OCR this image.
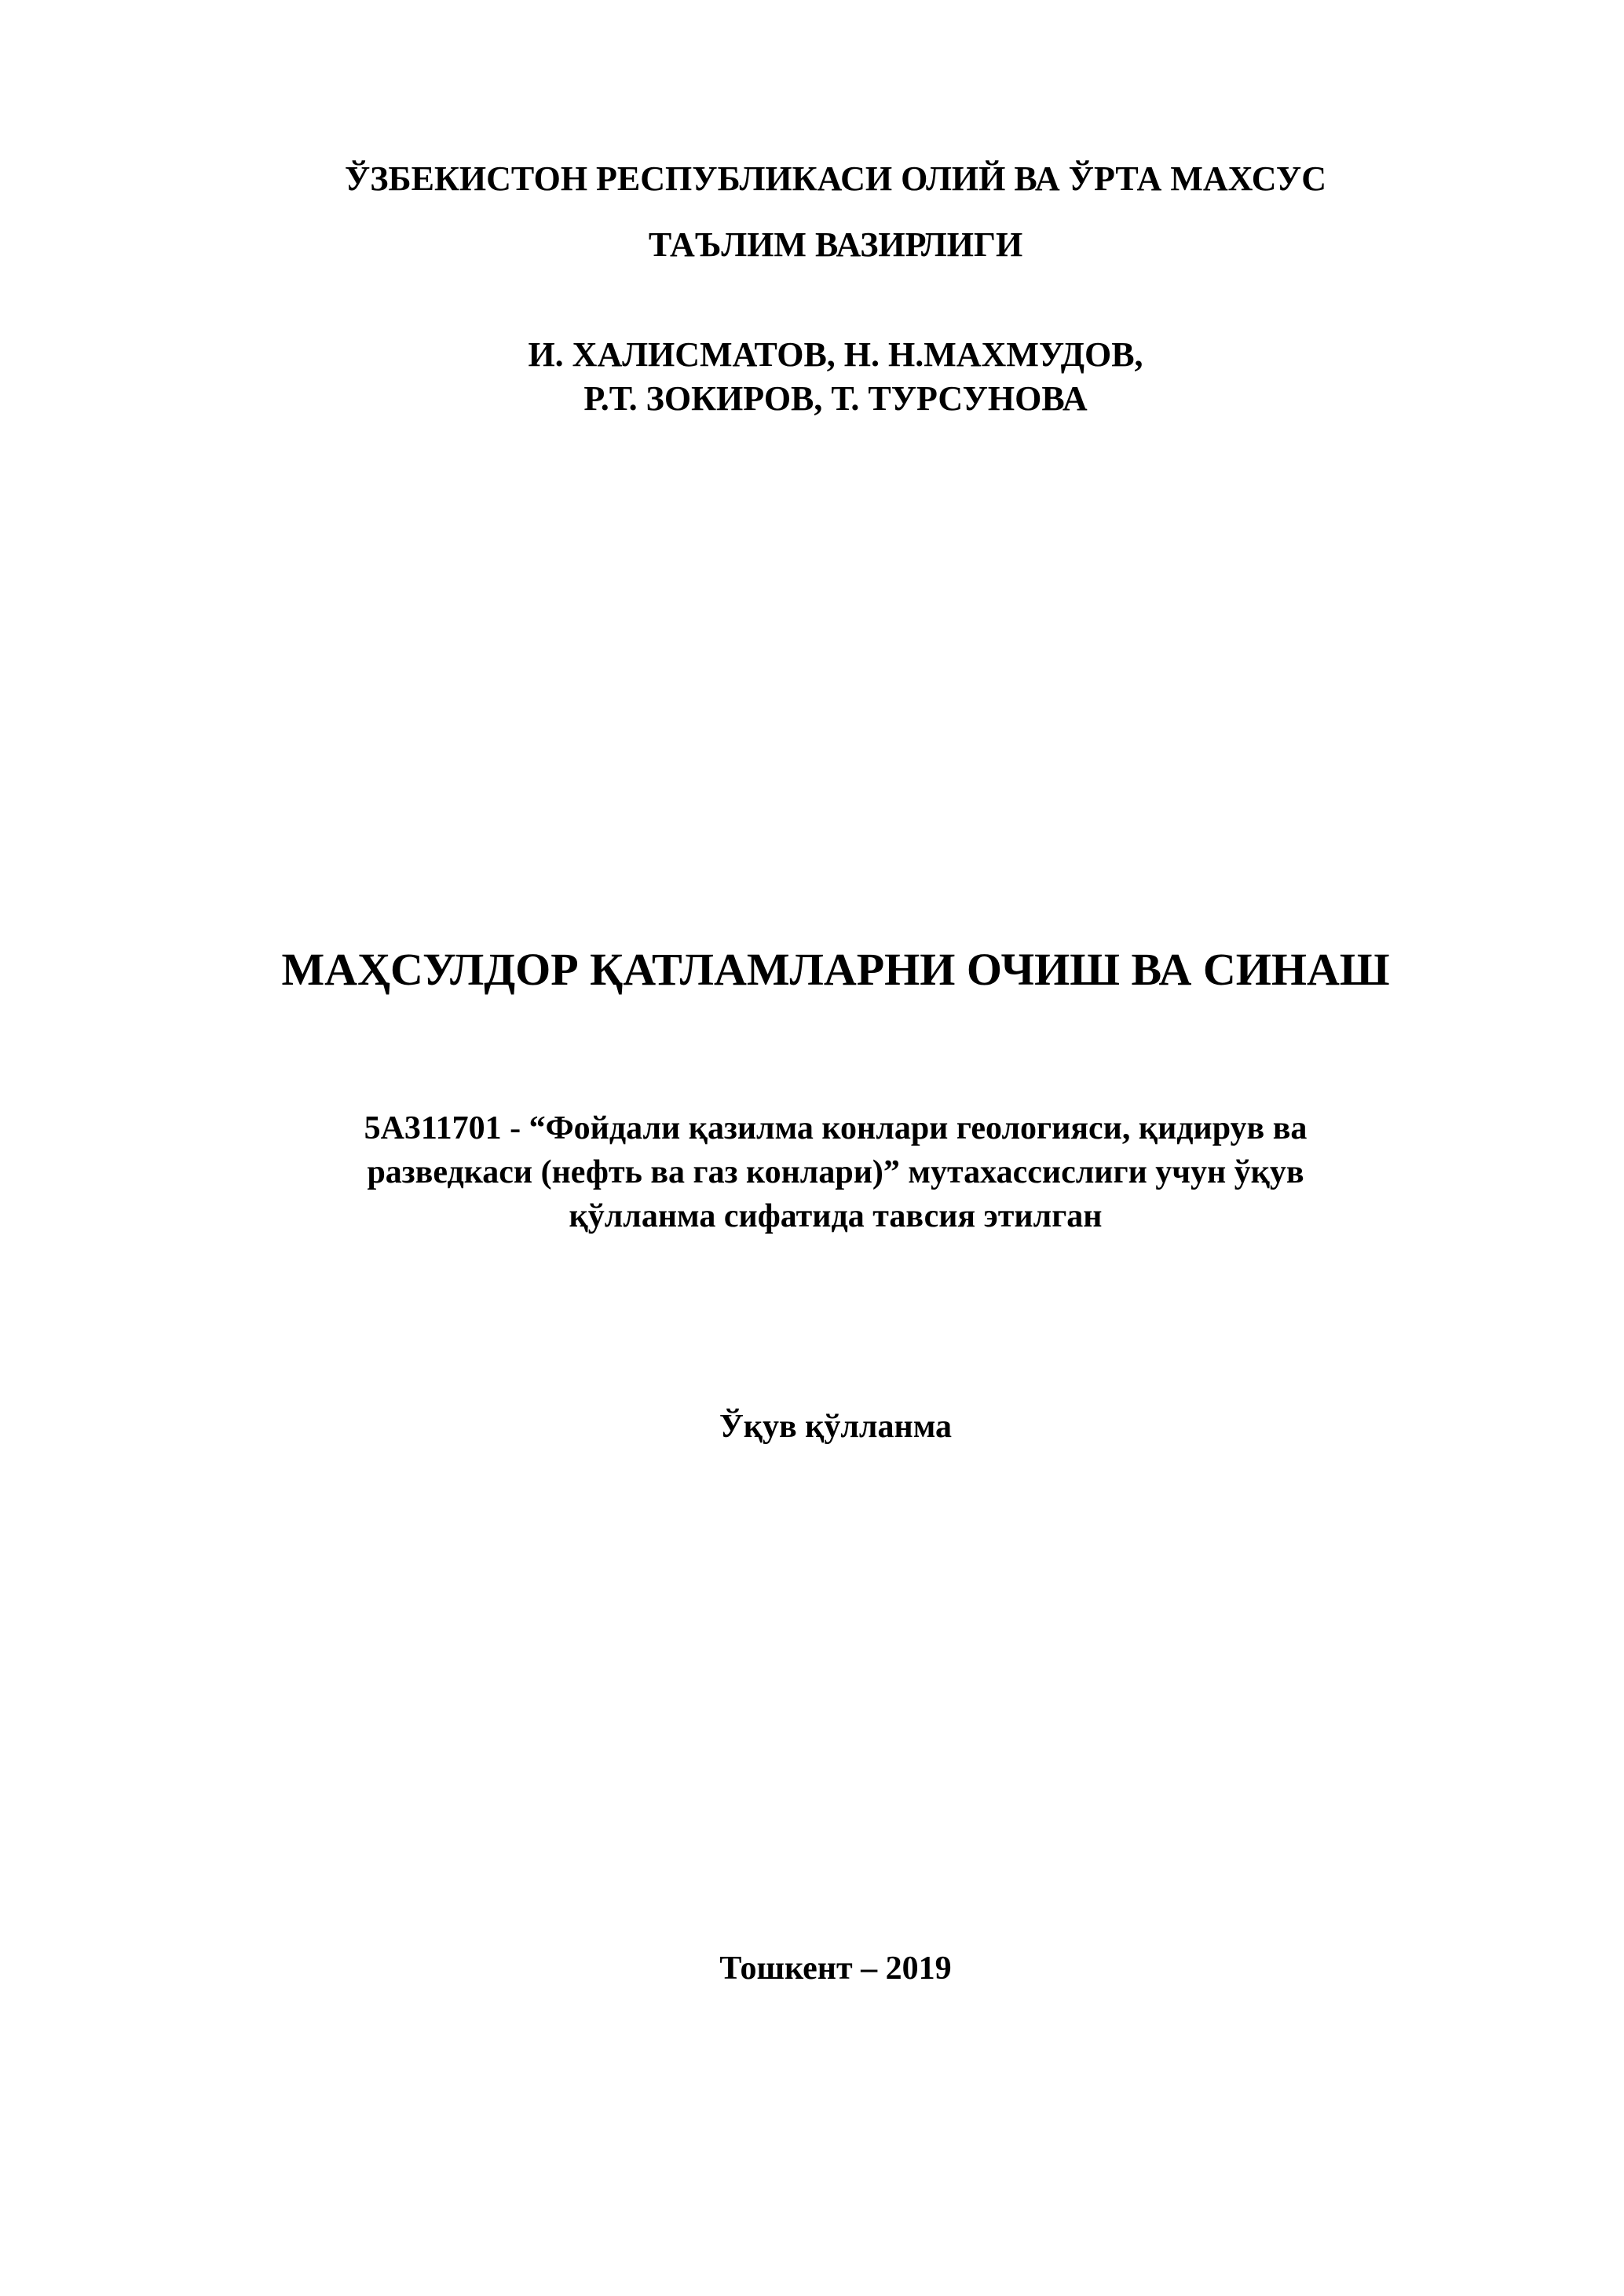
ЎЗБЕКИСТОН РЕСПУБЛИКАСИ ОЛИЙ ВА ЎРТА МАХСУС

ТАЪЛИМ ВАЗИРЛИГИ

И. ХАЛИСМАТОВ, Н. Н.МАХМУДОВ,

Р.Т. ЗОКИРОВ, Т. ТУРСУНОВА

МАҲСУЛДОР ҚАТЛАМЛАРНИ ОЧИШ ВА СИНАШ

5А311701 - “Фойдали қазилма конлари геологияси, қидирув ва

разведкаси (нефть ва газ конлари)” мутахассислиги учун ўқув

қўлланма сифатида тавсия этилган

Ўқув қўлланма

Тошкент – 2019
